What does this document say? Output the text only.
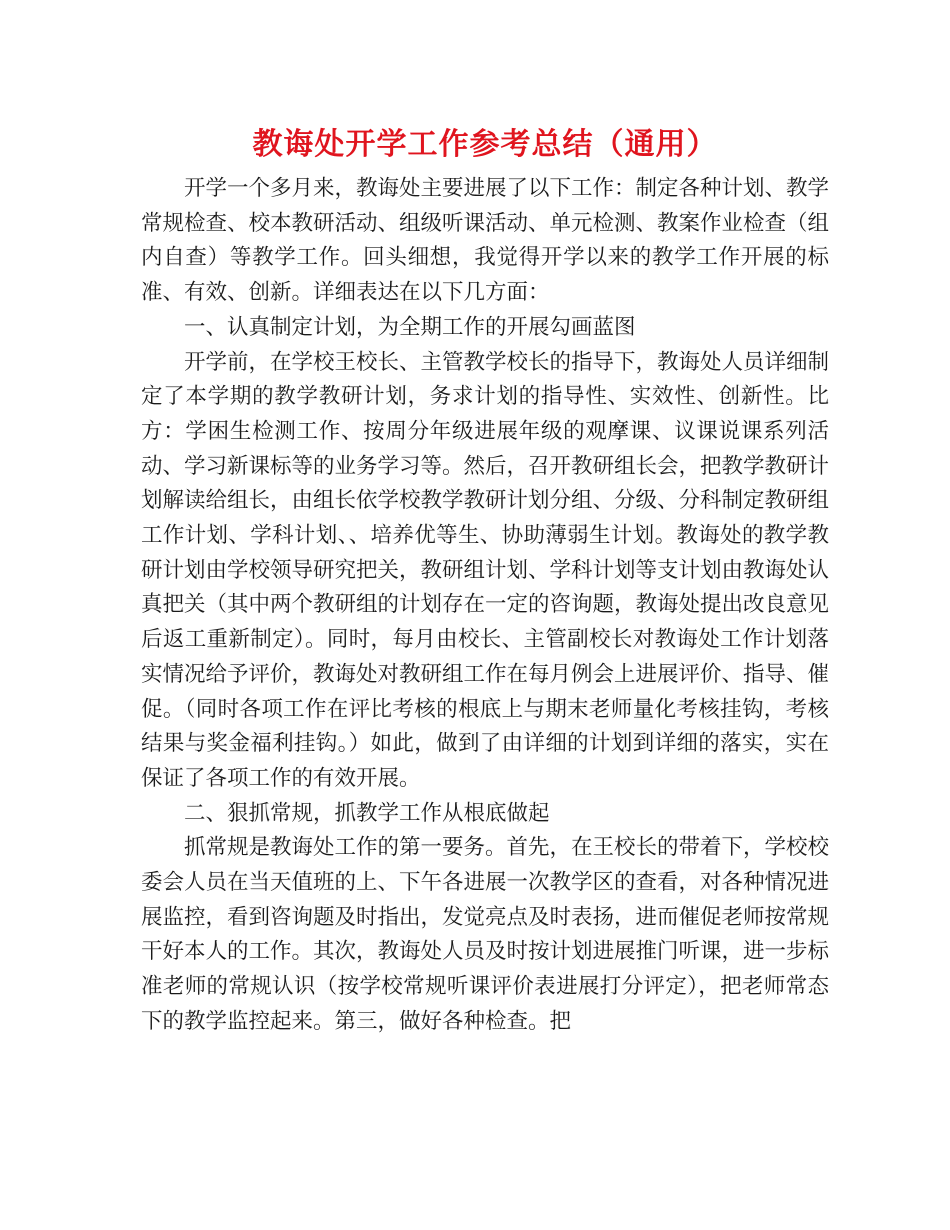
教诲处开学工作参考总结（通用）

开学一个多月来，教诲处主要进展了以下工作：制定各种计划、教学常规检查、校本教研活动、组级听课活动、单元检测、教案作业检查（组内自查）等教学工作。回头细想，我觉得开学以来的教学工作开展的标准、有效、创新。详细表达在以下几方面：

一、认真制定计划，为全期工作的开展勾画蓝图

开学前，在学校王校长、主管教学校长的指导下，教诲处人员详细制定了本学期的教学教研计划，务求计划的指导性、实效性、创新性。比方：学困生检测工作、按周分年级进展年级的观摩课、议课说课系列活动、学习新课标等的业务学习等。然后，召开教研组长会，把教学教研计划解读给组长，由组长依学校教学教研计划分组、分级、分科制定教研组工作计划、学科计划、、培养优等生、协助薄弱生计划。教诲处的教学教研计划由学校领导研究把关，教研组计划、学科计划等支计划由教诲处认真把关（其中两个教研组的计划存在一定的咨询题，教诲处提出改良意见后返工重新制定）。同时，每月由校长、主管副校长对教诲处工作计划落实情况给予评价，教诲处对教研组工作在每月例会上进展评价、指导、催促。（同时各项工作在评比考核的根底上与期末老师量化考核挂钩，考核结果与奖金福利挂钩。）如此，做到了由详细的计划到详细的落实，实在保证了各项工作的有效开展。

二、狠抓常规，抓教学工作从根底做起

抓常规是教诲处工作的第一要务。首先，在王校长的带着下，学校校委会人员在当天值班的上、下午各进展一次教学区的查看，对各种情况进展监控，看到咨询题及时指出，发觉亮点及时表扬，进而催促老师按常规干好本人的工作。其次，教诲处人员及时按计划进展推门听课，进一步标准老师的常规认识（按学校常规听课评价表进展打分评定），把老师常态下的教学监控起来。第三，做好各种检查。把
